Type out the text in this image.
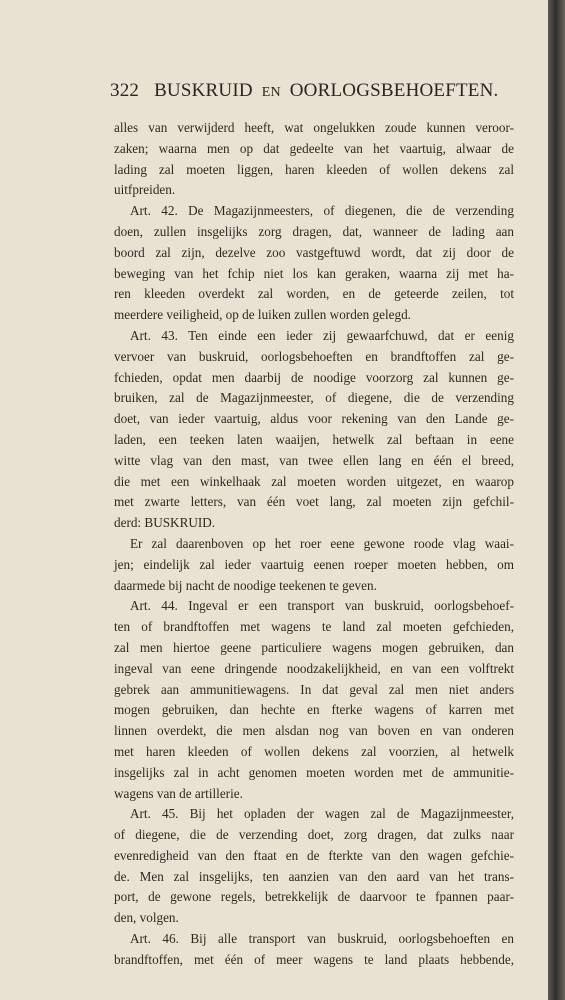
322 BUSKRUID EN OORLOGSBEHOEFTEN.
alles van verwijderd heeft, wat ongelukken zoude kunnen veroor-
zaken; waarna men op dat gedeelte van het vaartuig, alwaar de
lading zal moeten liggen, haren kleeden of wollen dekens zal
uitfpreiden.
Art. 42. De Magazijnmeesters, of diegenen, die de verzending
doen, zullen insgelijks zorg dragen, dat, wanneer de lading aan
boord zal zijn, dezelve zoo vastgeftuwd wordt, dat zij door de
beweging van het fchip niet los kan geraken, waarna zij met ha-
ren kleeden overdekt zal worden, en de geteerde zeilen, tot
meerdere veiligheid, op de luiken zullen worden gelegd.
Art. 43. Ten einde een ieder zij gewaarfchuwd, dat er eenig
vervoer van buskruid, oorlogsbehoeften en brandftoffen zal ge-
fchieden, opdat men daarbij de noodige voorzorg zal kunnen ge-
bruiken, zal de Magazijnmeester, of diegene, die de verzending
doet, van ieder vaartuig, aldus voor rekening van den Lande ge-
laden, een teeken laten waaijen, hetwelk zal beftaan in eene
witte vlag van den mast, van twee ellen lang en één el breed,
die met een winkelhaak zal moeten worden uitgezet, en waarop
met zwarte letters, van één voet lang, zal moeten zijn gefchil-
derd: BUSKRUID.
Er zal daarenboven op het roer eene gewone roode vlag waai-
jen; eindelijk zal ieder vaartuig eenen roeper moeten hebben, om
daarmede bij nacht de noodige teekenen te geven.
Art. 44. Ingeval er een transport van buskruid, oorlogsbehoef-
ten of brandftoffen met wagens te land zal moeten gefchieden,
zal men hiertoe geene particuliere wagens mogen gebruiken, dan
ingeval van eene dringende noodzakelijkheid, en van een volftrekt
gebrek aan ammunitiewagens. In dat geval zal men niet anders
mogen gebruiken, dan hechte en fterke wagens of karren met
linnen overdekt, die men alsdan nog van boven en van onderen
met haren kleeden of wollen dekens zal voorzien, al hetwelk
insgelijks zal in acht genomen moeten worden met de ammunitie-
wagens van de artillerie.
Art. 45. Bij het opladen der wagen zal de Magazijnmeester,
of diegene, die de verzending doet, zorg dragen, dat zulks naar
evenredigheid van den ftaat en de fterkte van den wagen gefchie-
de. Men zal insgelijks, ten aanzien van den aard van het trans-
port, de gewone regels, betrekkelijk de daarvoor te fpannen paar-
den, volgen.
Art. 46. Bij alle transport van buskruid, oorlogsbehoeften en
brandftoffen, met één of meer wagens te land plaats hebbende,
